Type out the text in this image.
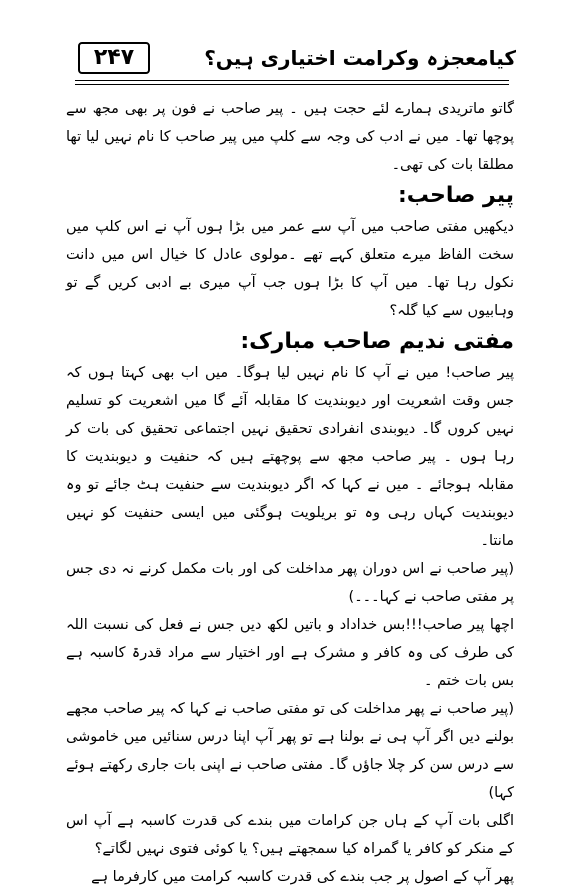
۲۴۷	کیامعجزہ وکرامت اختیاری ہیں؟

گاتو ماتریدی ہمارے لئے حجت ہیں ۔ پیر صاحب نے فون پر بھی مجھ سے پوچھا تھا۔ میں نے ادب کی وجہ سے کلپ میں پیر صاحب کا نام نہیں لیا تھا مطلقا بات کی تھی۔

پیر صاحب:

دیکھیں مفتی صاحب میں آپ سے عمر میں بڑا ہوں آپ نے اس کلپ میں سخت الفاظ میرے متعلق کہے تھے ۔مولوی عادل کا خیال اس میں دانت نکول رہا تھا۔ میں آپ کا بڑا ہوں جب آپ میری بے ادبی کریں گے تو وہابیوں سے کیا گلہ؟

مفتی ندیم صاحب مبارک:

پیر صاحب! میں نے آپ کا نام نہیں لیا ہوگا۔ میں اب بھی کہتا ہوں کہ جس وقت اشعریت اور دیوبندیت کا مقابلہ آئے گا میں اشعریت کو تسلیم نہیں کروں گا۔ دیوبندی انفرادی تحقیق نہیں اجتماعی تحقیق کی بات کر رہا ہوں ۔ پیر صاحب مجھ سے پوچھتے ہیں کہ حنفیت و دیوبندیت کا مقابلہ ہوجائے ۔ میں نے کہا کہ اگر دیوبندیت سے حنفیت ہٹ جائے تو وہ دیوبندیت کہاں رہی وہ تو بریلویت ہوگئی میں ایسی حنفیت کو نہیں مانتا۔

(پیر صاحب نے اس دوران پھر مداخلت کی اور بات مکمل کرنے نہ دی جس پر مفتی صاحب نے کہا۔۔۔)

اچھا پیر صاحب!!!بس خداداد و باتیں لکھ دیں جس نے فعل کی نسبت اللہ کی طرف کی وہ کافر و مشرک ہے اور اختیار سے مراد قدرۃ کاسبہ ہے بس بات ختم ۔

(پیر صاحب نے پھر مداخلت کی تو مفتی صاحب نے کہا کہ پیر صاحب مجھے بولنے دیں اگر آپ ہی نے بولنا ہے تو پھر آپ اپنا درس سنائیں میں خاموشی سے درس سن کر چلا جاؤں گا۔ مفتی صاحب نے اپنی بات جاری رکھتے ہوئے کہا)

اگلی بات آپ کے ہاں جن کرامات میں بندے کی قدرت کاسبہ ہے آپ اس کے منکر کو کافر یا گمراہ کیا سمجھتے ہیں؟ یا کوئی فتوی نہیں لگاتے؟

پھر آپ کے اصول پر جب بندے کی قدرت کاسبہ کرامت میں کارفرما ہے
